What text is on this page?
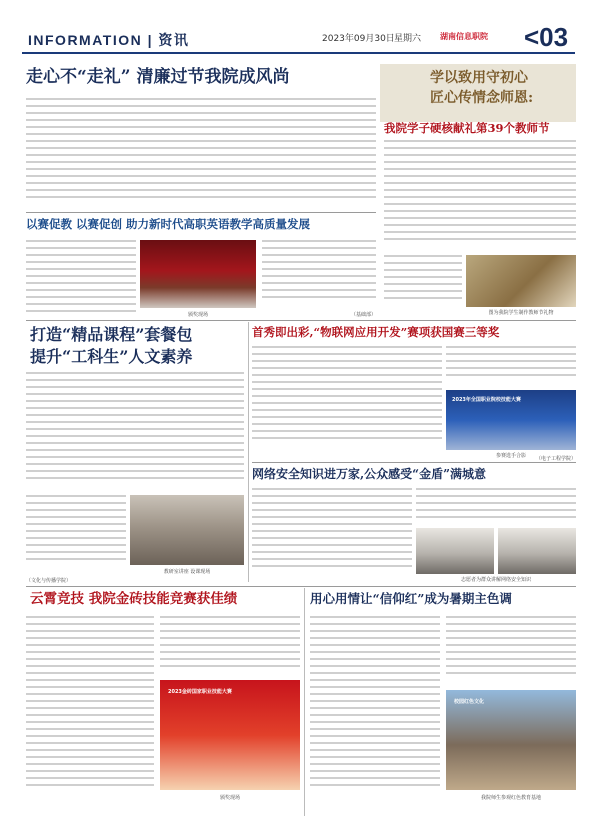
INFORMATION | 资讯	2023年09月30日 星期六 湖南信息职院 <03
走心不“走礼” 清廉过节我院成风尚	学以致用守初心
匠心传情念师恩:
我院学子硬核献礼第39个教师节
图为我院学生制作教师节礼物
以赛促教 以赛促创 助力新时代高职英语教学高质量发展
颁奖现场	（基础部）
打造“精品课程”套餐包
提升“工科生”人文素养
教研室讲座 设课现场
（文化与传播学院）
首秀即出彩,“物联网应用开发”赛项获国赛三等奖
2023年全国职业院校技能大赛
参赛选手合影	（电子工程学院）
网络安全知识进万家,公众感受“金盾”满城意
志愿者为群众讲解网络安全知识
云霄竞技 我院金砖技能竞赛获佳绩
2023金砖国家职业技能大赛
颁奖现场
用心用情让“信仰红”成为暑期主色调
校园红色文化
我院师生参观红色教育基地
